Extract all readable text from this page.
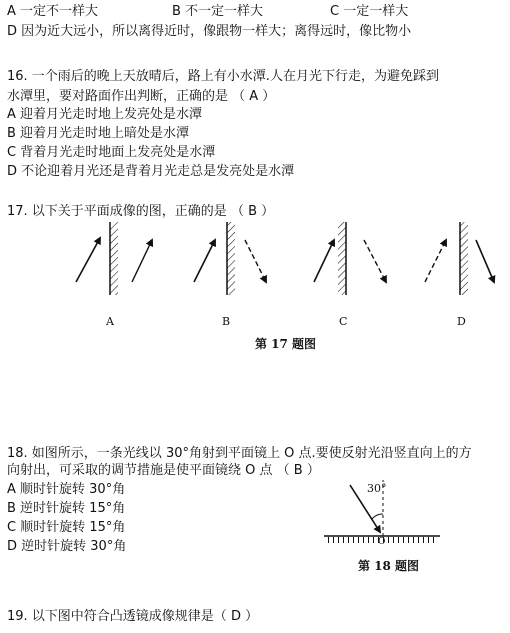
A 一定不一样大	B 不一定一样大	C 一定一样大
D 因为近大远小，所以离得近时，像跟物一样大；离得远时，像比物小
16. 一个雨后的晚上天放晴后，路上有小水潭.人在月光下行走，为避免踩到
水潭里，要对路面作出判断，正确的是 （ A ）
A 迎着月光走时地上发亮处是水潭
B 迎着月光走时地上暗处是水潭
C 背着月光走时地面上发亮处是水潭
D 不论迎着月光还是背着月光走总是发亮处是水潭
17. 以下关于平面成像的图，正确的是 （ B ）
A	B	C	D
第 17 题图
18. 如图所示，一条光线以 30°角射到平面镜上 O 点.要使反射光沿竖直向上的方
向射出，可采取的调节措施是使平面镜绕 O 点 （ B ）
A 顺时针旋转 30°角
B 逆时针旋转 15°角
C 顺时针旋转 15°角
D 逆时针旋转 30°角
30°
O
第 18 题图
19. 以下图中符合凸透镜成像规律是（ D ）
